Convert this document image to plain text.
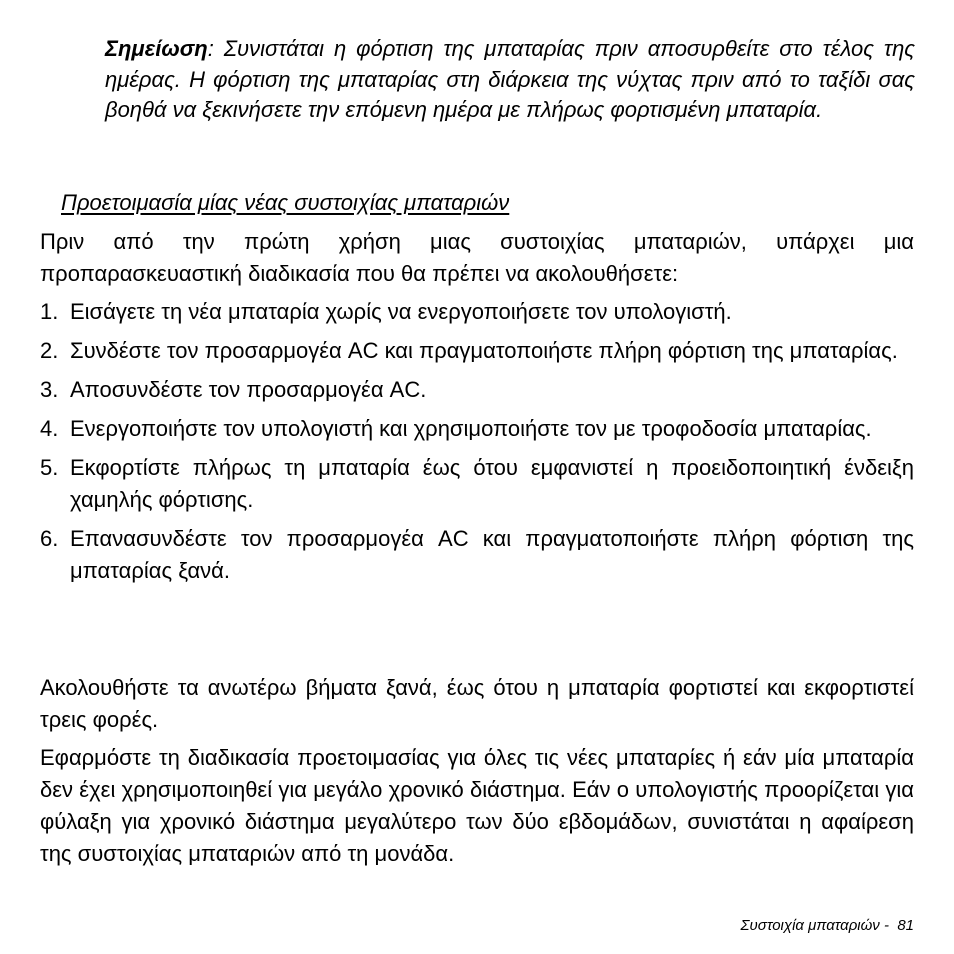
Σημείωση: Συνιστάται η φόρτιση της μπαταρίας πριν αποσυρθείτε στο τέλος της ημέρας. Η φόρτιση της μπαταρίας στη διάρκεια της νύχτας πριν από το ταξίδι σας βοηθά να ξεκινήσετε την επόμενη ημέρα με πλήρως φορτισμένη μπαταρία.
Προετοιμασία μίας νέας συστοιχίας μπαταριών
Πριν από την πρώτη χρήση μιας συστοιχίας μπαταριών, υπάρχει μια προπαρασκευαστική διαδικασία που θα πρέπει να ακολουθήσετε:
1. Εισάγετε τη νέα μπαταρία χωρίς να ενεργοποιήσετε τον υπολογιστή.
2. Συνδέστε τον προσαρμογέα AC και πραγματοποιήστε πλήρη φόρτιση της μπαταρίας.
3. Αποσυνδέστε τον προσαρμογέα AC.
4. Ενεργοποιήστε τον υπολογιστή και χρησιμοποιήστε τον με τροφοδοσία μπαταρίας.
5. Εκφορτίστε πλήρως τη μπαταρία έως ότου εμφανιστεί η προειδοποιητική ένδειξη χαμηλής φόρτισης.
6. Επανασυνδέστε τον προσαρμογέα AC και πραγματοποιήστε πλήρη φόρτιση της μπαταρίας ξανά.
Ακολουθήστε τα ανωτέρω βήματα ξανά, έως ότου η μπαταρία φορτιστεί και εκφορτιστεί τρεις φορές.
Εφαρμόστε τη διαδικασία προετοιμασίας για όλες τις νέες μπαταρίες ή εάν μία μπαταρία δεν έχει χρησιμοποιηθεί για μεγάλο χρονικό διάστημα. Εάν ο υπολογιστής προορίζεται για φύλαξη για χρονικό διάστημα μεγαλύτερο των δύο εβδομάδων, συνιστάται η αφαίρεση της συστοιχίας μπαταριών από τη μονάδα.
Συστοιχία μπαταριών - 81
